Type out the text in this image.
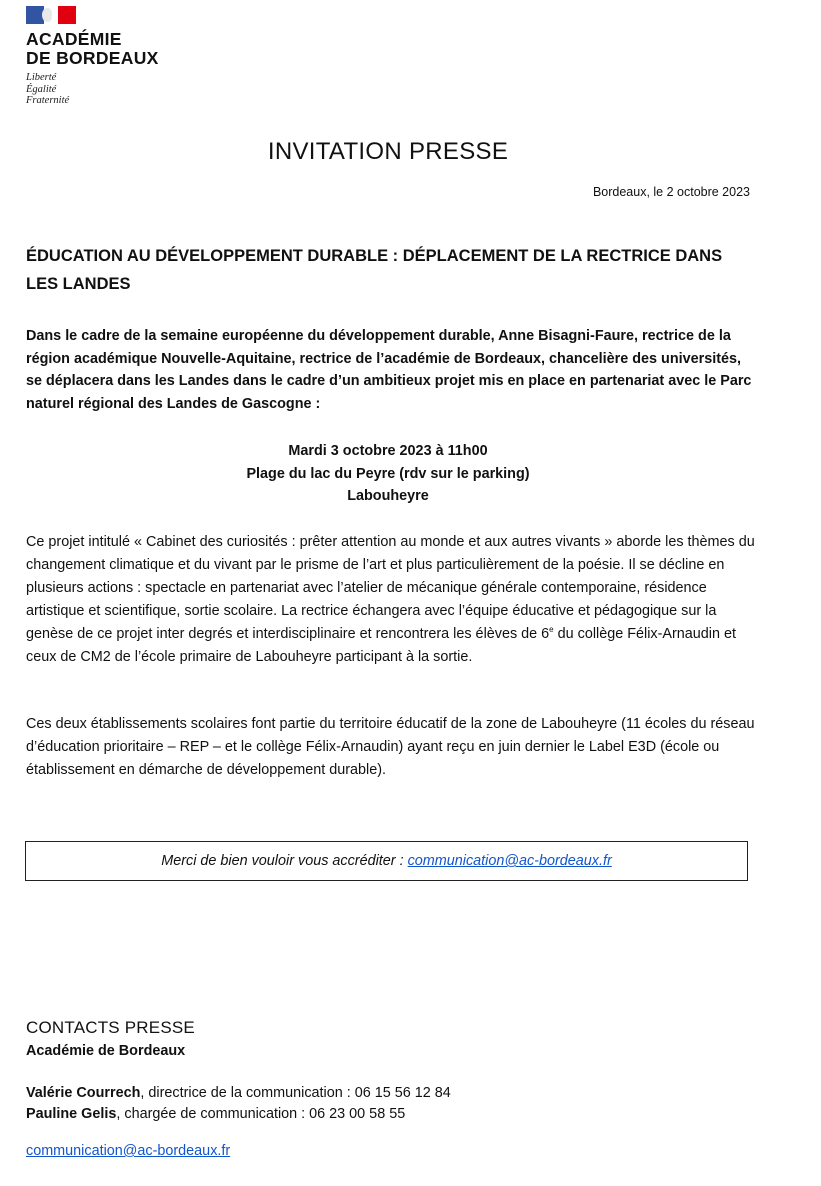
ACADÉMIE
DE BORDEAUX
Liberté
Égalité
Fraternité
INVITATION PRESSE
Bordeaux, le 2 octobre 2023
ÉDUCATION AU DÉVELOPPEMENT DURABLE : DÉPLACEMENT DE LA RECTRICE DANS LES LANDES
Dans le cadre de la semaine européenne du développement durable, Anne Bisagni-Faure, rectrice de la région académique Nouvelle-Aquitaine, rectrice de l’académie de Bordeaux, chancelière des universités, se déplacera dans les Landes dans le cadre d’un ambitieux projet mis en place en partenariat avec le Parc naturel régional des Landes de Gascogne :
Mardi 3 octobre 2023 à 11h00
Plage du lac du Peyre (rdv sur le parking)
Labouheyre
Ce projet intitulé « Cabinet des curiosités : prêter attention au monde et aux autres vivants » aborde les thèmes du changement climatique et du vivant par le prisme de l’art et plus particulièrement de la poésie. Il se décline en plusieurs actions : spectacle en partenariat avec l’atelier de mécanique générale contemporaine, résidence artistique et scientifique, sortie scolaire. La rectrice échangera avec l’équipe éducative et pédagogique sur la genèse de ce projet inter degrés et interdisciplinaire et rencontrera les élèves de 6e du collège Félix-Arnaudin et ceux de CM2 de l’école primaire de Labouheyre participant à la sortie.
Ces deux établissements scolaires font partie du territoire éducatif de la zone de Labouheyre (11 écoles du réseau d’éducation prioritaire – REP – et le collège Félix-Arnaudin) ayant reçu en juin dernier le Label E3D (école ou établissement en démarche de développement durable).
Merci de bien vouloir vous accréditer :
communication@ac-bordeaux.fr
CONTACTS PRESSE
Académie de Bordeaux
Valérie Courrech, directrice de la communication : 06 15 56 12 84
Pauline Gelis, chargée de communication : 06 23 00 58 55
communication@ac-bordeaux.fr
